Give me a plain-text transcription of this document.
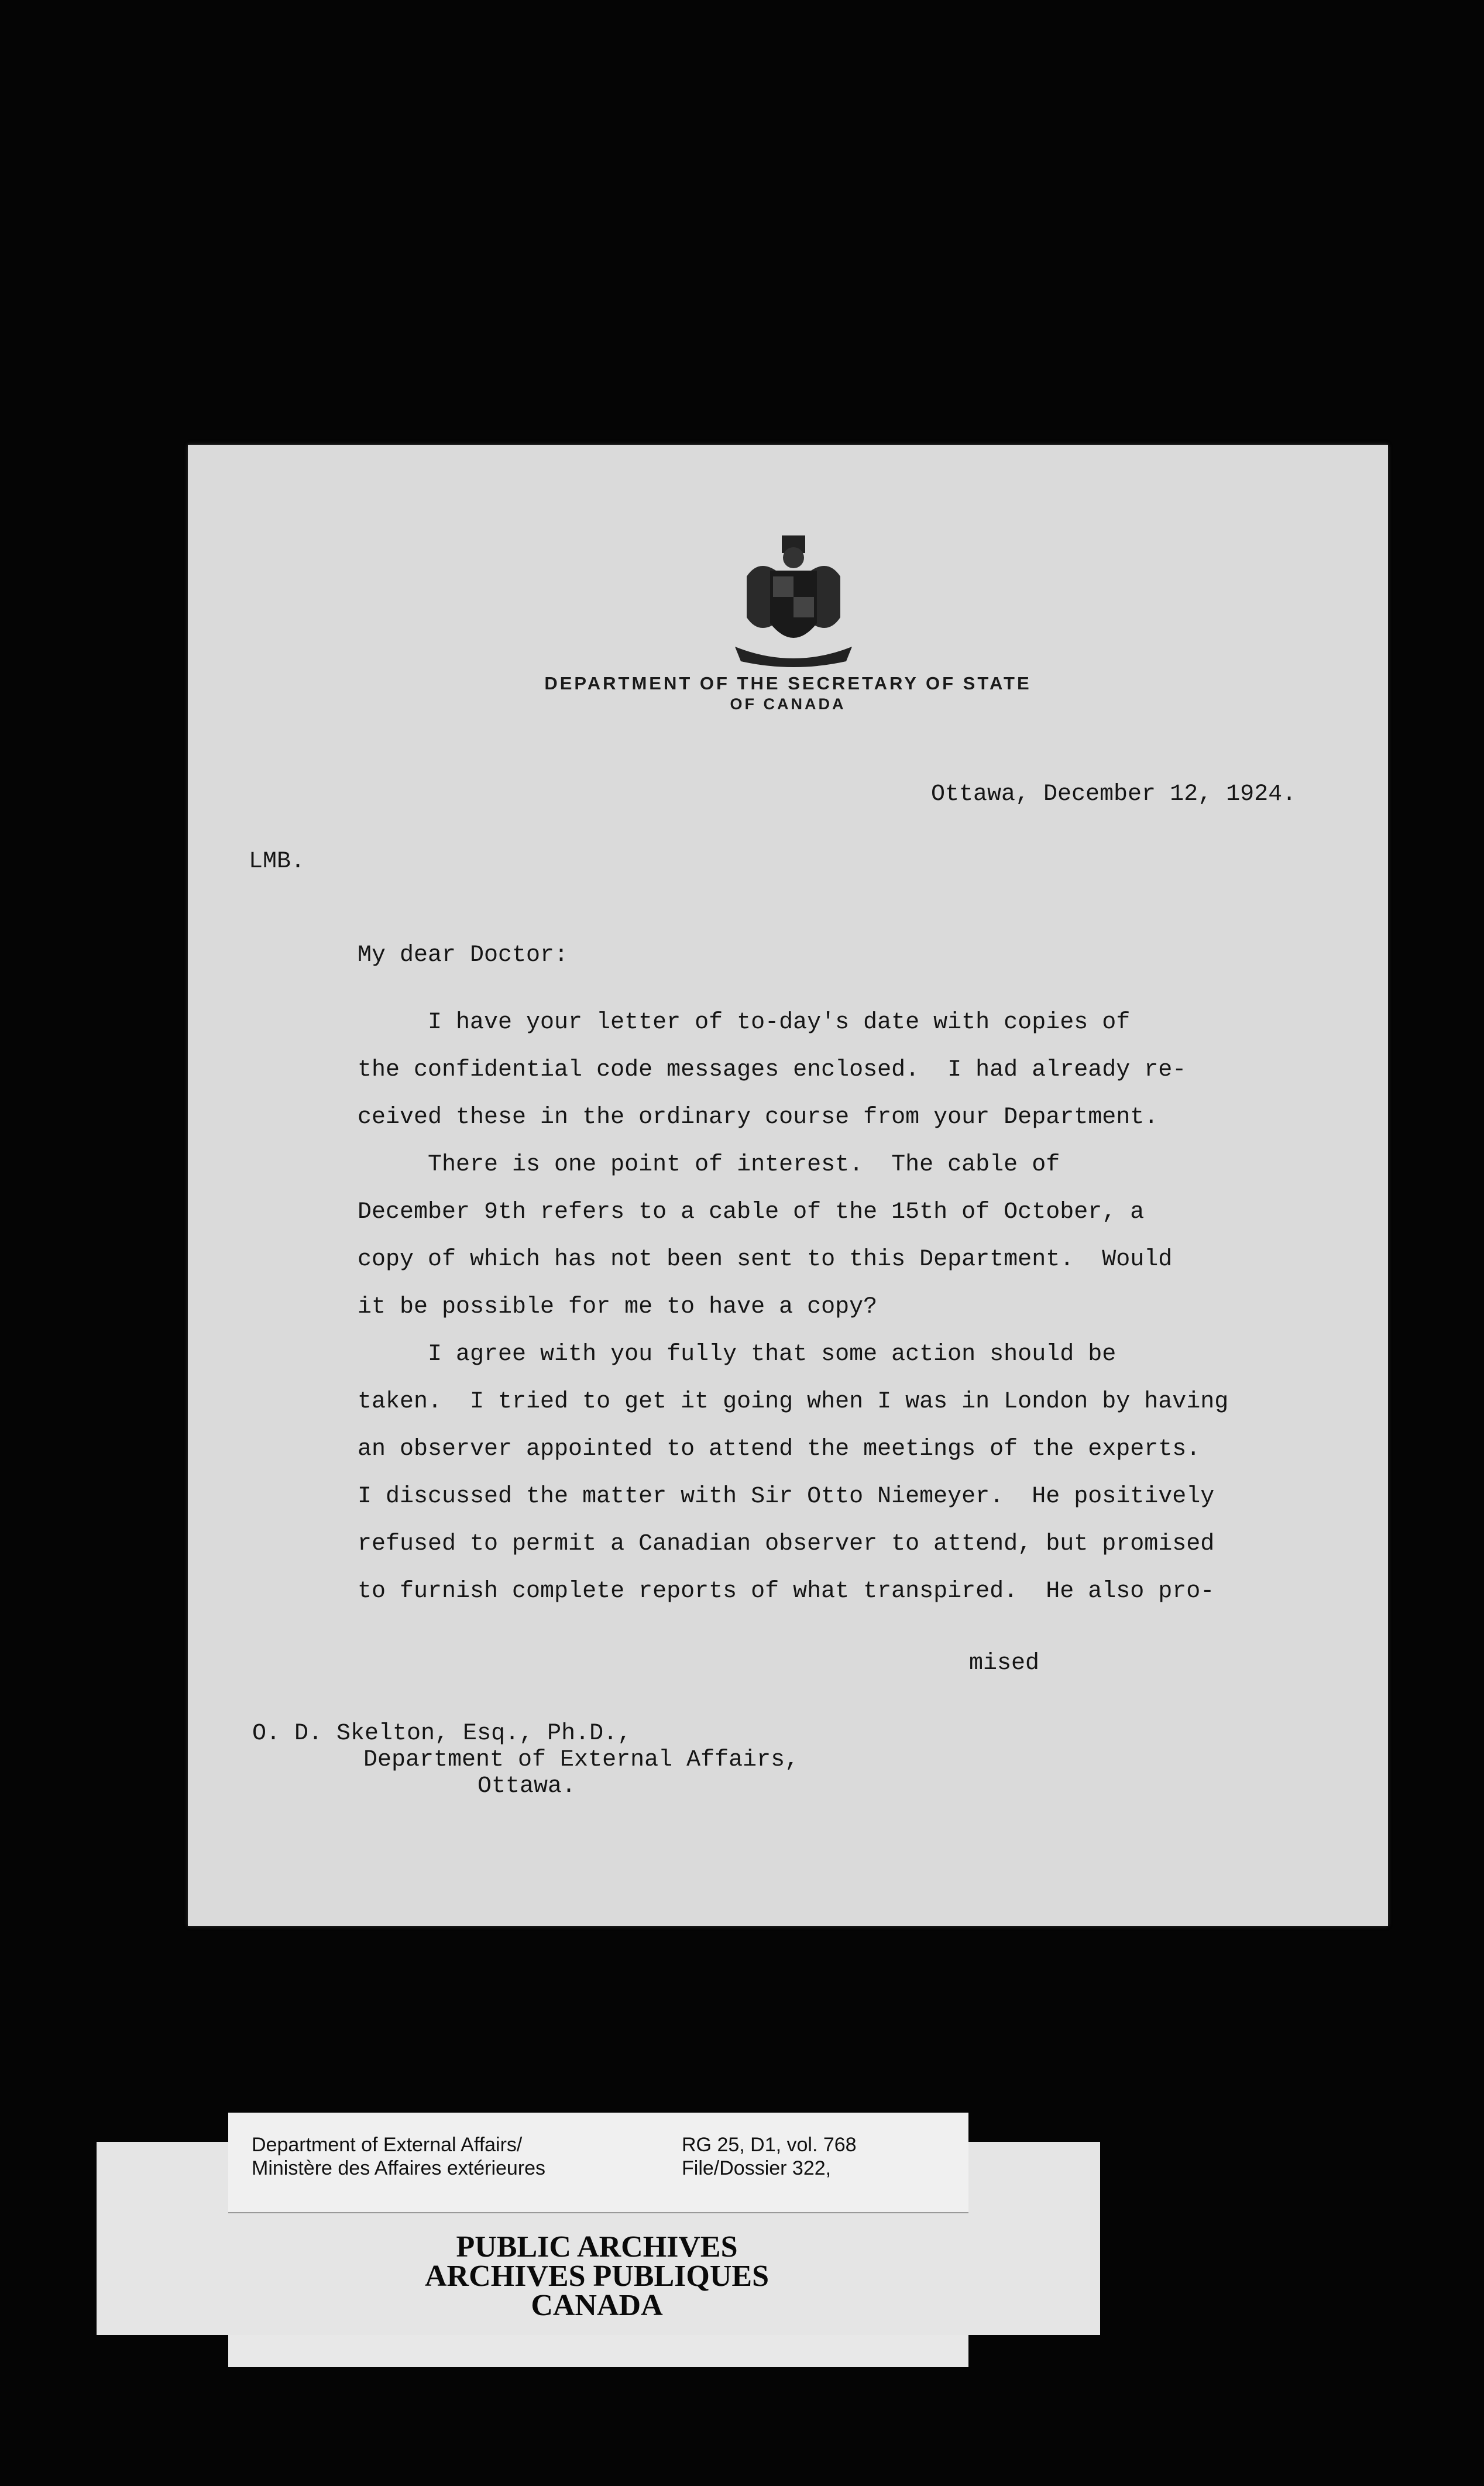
DEPARTMENT OF THE SECRETARY OF STATE
OF CANADA
Ottawa, December 12, 1924.
LMB.
My dear Doctor:
I have your letter of to-day's date with copies of
the confidential code messages enclosed.  I had already re-
ceived these in the ordinary course from your Department.
There is one point of interest.  The cable of
December 9th refers to a cable of the 15th of October, a
copy of which has not been sent to this Department.  Would
it be possible for me to have a copy?
I agree with you fully that some action should be
taken.  I tried to get it going when I was in London by having
an observer appointed to attend the meetings of the experts.
I discussed the matter with Sir Otto Niemeyer.  He positively
refused to permit a Canadian observer to attend, but promised
to furnish complete reports of what transpired.  He also pro-
mised
O. D. Skelton, Esq., Ph.D.,
Department of External Affairs,
Ottawa.
Department of External Affairs/
Ministère des Affaires extérieures
RG 25, D1, vol. 768
File/Dossier 322,
PUBLIC ARCHIVES
ARCHIVES PUBLIQUES
CANADA
